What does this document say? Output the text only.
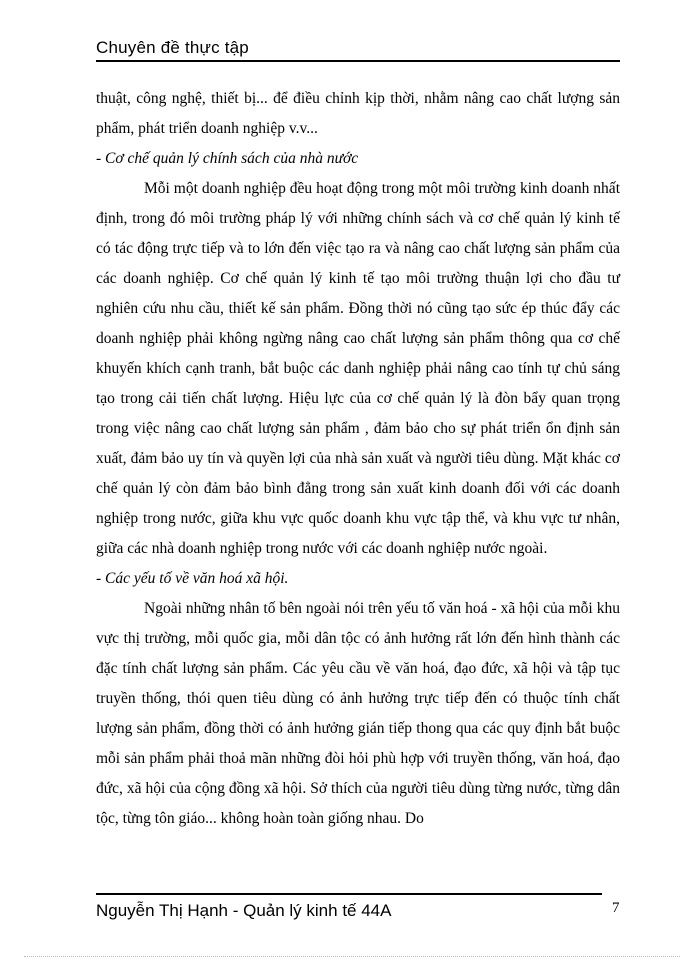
Chuyên đề thực tập

thuật, công nghệ, thiết bị... để điều chỉnh kịp thời, nhằm nâng cao chất lượng sản phẩm, phát triển doanh nghiệp v.v...

- Cơ chế quản lý chính sách của nhà nước

Mỗi một doanh nghiệp đều hoạt động trong một môi trường kinh doanh nhất định, trong đó môi trường pháp lý với những chính sách và cơ chế quản lý kinh tế có tác động trực tiếp và to lớn đến việc tạo ra và nâng cao chất lượng sản phẩm của các doanh nghiệp. Cơ chế quản lý kinh tế tạo môi trường thuận lợi cho đầu tư nghiên cứu nhu cầu, thiết kế sản phẩm. Đồng thời nó cũng tạo sức ép thúc đẩy các doanh nghiệp phải không ngừng nâng cao chất lượng sản phẩm thông qua cơ chế khuyến khích cạnh tranh, bắt buộc các danh nghiệp phải nâng cao tính tự chủ sáng tạo trong cải tiến chất lượng. Hiệu lực của cơ chế quản lý là đòn bẩy quan trọng trong việc nâng cao chất lượng sản phẩm , đảm bảo cho sự phát triển ổn định sản xuất, đảm bảo uy tín và quyền lợi của nhà sản xuất và người tiêu dùng. Mặt khác cơ chế quản lý còn đảm bảo bình đẳng trong sản xuất kinh doanh đối với các doanh nghiệp trong nước, giữa khu vực quốc doanh khu vực tập thể, và khu vực tư nhân, giữa các nhà doanh nghiệp trong nước với các doanh nghiệp nước ngoài.

- Các yếu tố về văn hoá xã hội.

Ngoài những nhân tố bên ngoài nói trên yếu tố văn hoá - xã hội của mỗi khu vực thị trường, mỗi quốc gia, mỗi dân tộc có ảnh hưởng rất lớn đến hình thành các đặc tính chất lượng sản phẩm. Các yêu cầu về văn hoá, đạo đức, xã hội và tập tục truyền thống, thói quen tiêu dùng có ảnh hưởng trực tiếp đến có thuộc tính chất lượng sản phẩm, đồng thời có ảnh hưởng gián tiếp thong qua các quy định bắt buộc mỗi sản phẩm phải thoả mãn những đòi hỏi phù hợp với truyền thống, văn hoá, đạo đức, xã hội của cộng đồng xã hội. Sở thích của người tiêu dùng từng nước, từng dân tộc, từng tôn giáo... không hoàn toàn giống nhau. Do

Nguyễn Thị Hạnh - Quản lý kinh tế 44A	7
